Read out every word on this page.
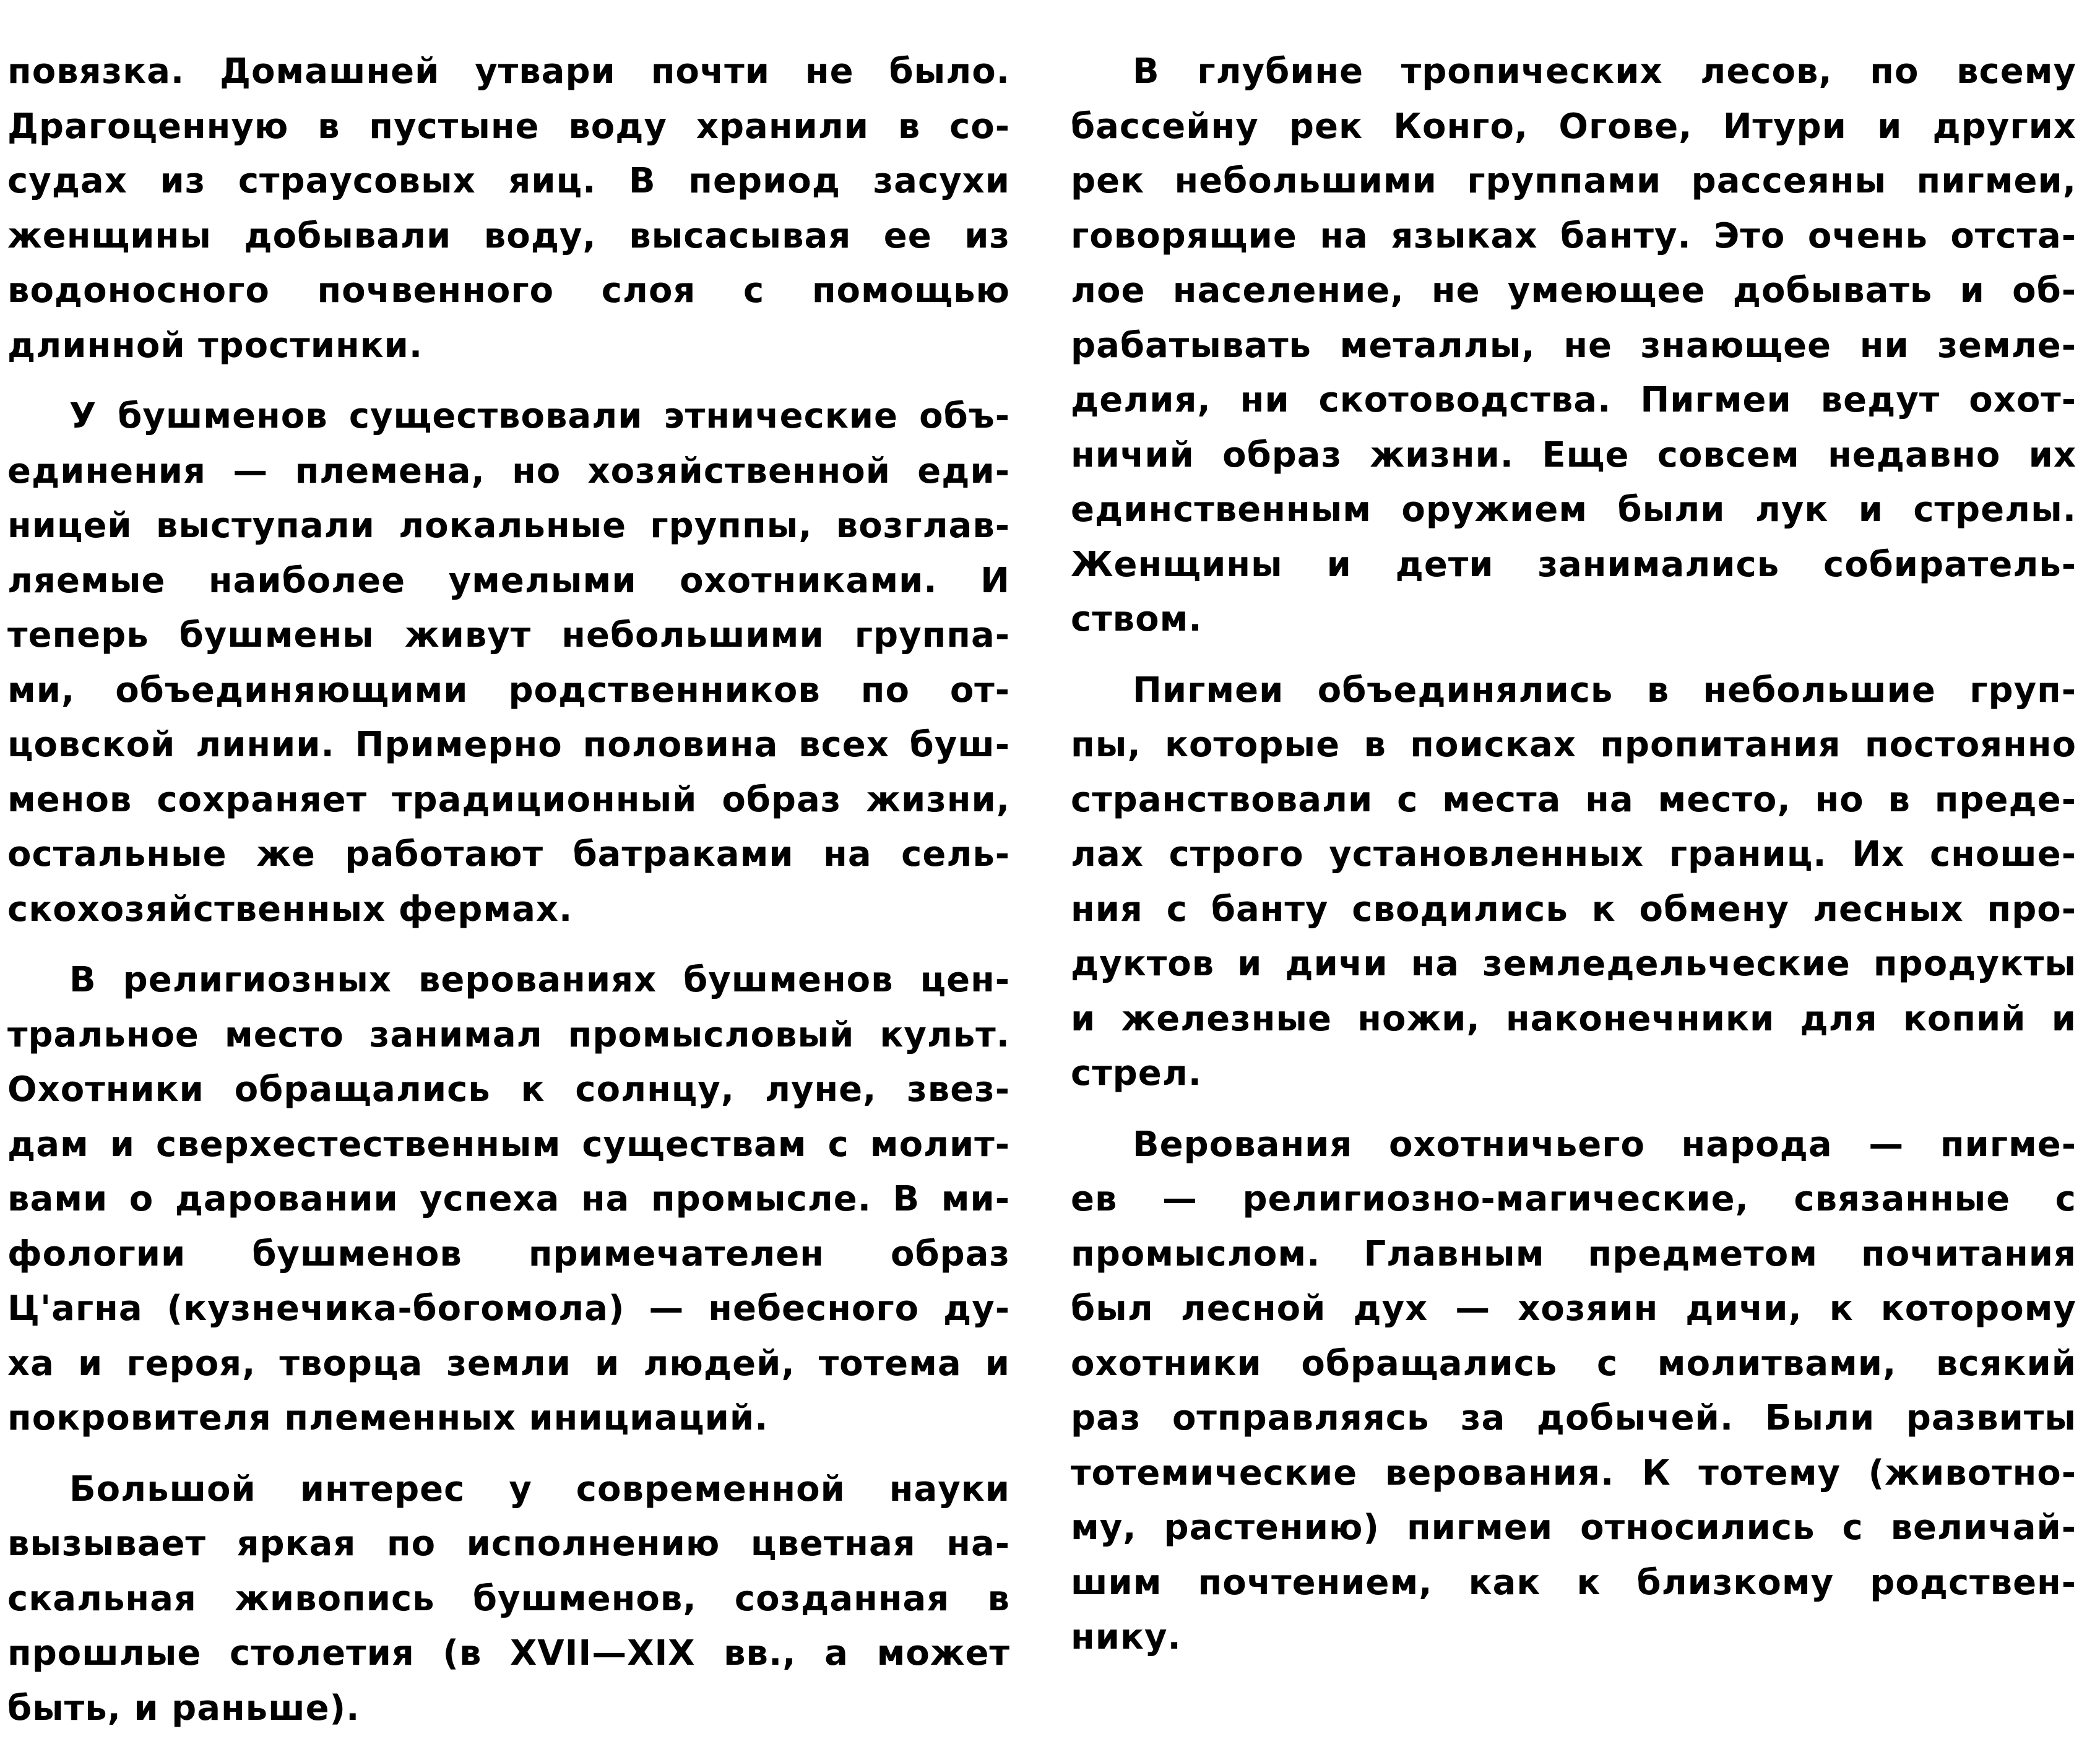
повязка. Домашней утвари почти не было.
Драгоценную в пустыне воду хранили в со-
судах из страусовых яиц. В период засухи
женщины добывали воду, высасывая ее из
водоносного почвенного слоя с помощью
длинной тростинки.
У бушменов существовали этнические объ-
единения — племена, но хозяйственной еди-
ницей выступали локальные группы, возглав-
ляемые наиболее умелыми охотниками. И
теперь бушмены живут небольшими группа-
ми, объединяющими родственников по от-
цовской линии. Примерно половина всех буш-
менов сохраняет традиционный образ жизни,
остальные же работают батраками на сель-
скохозяйственных фермах.
В религиозных верованиях бушменов цен-
тральное место занимал промысловый культ.
Охотники обращались к солнцу, луне, звез-
дам и сверхестественным существам с молит-
вами о даровании успеха на промысле. В ми-
фологии бушменов примечателен образ
Ц'агна (кузнечика-богомола) — небесного ду-
ха и героя, творца земли и людей, тотема и
покровителя племенных инициаций.
Большой интерес у современной науки
вызывает яркая по исполнению цветная на-
скальная живопись бушменов, созданная в
прошлые столетия (в XVII—XIX вв., а может
быть, и раньше).
В глубине тропических лесов, по всему
бассейну рек Конго, Огове, Итури и других
рек небольшими группами рассеяны пигмеи,
говорящие на языках банту. Это очень отста-
лое население, не умеющее добывать и об-
рабатывать металлы, не знающее ни земле-
делия, ни скотоводства. Пигмеи ведут охот-
ничий образ жизни. Еще совсем недавно их
единственным оружием были лук и стрелы.
Женщины и дети занимались собиратель-
ством.
Пигмеи объединялись в небольшие груп-
пы, которые в поисках пропитания постоянно
странствовали с места на место, но в преде-
лах строго установленных границ. Их сноше-
ния с банту сводились к обмену лесных про-
дуктов и дичи на земледельческие продукты
и железные ножи, наконечники для копий и
стрел.
Верования охотничьего народа — пигме-
ев — религиозно-магические, связанные с
промыслом. Главным предметом почитания
был лесной дух — хозяин дичи, к которому
охотники обращались с молитвами, всякий
раз отправляясь за добычей. Были развиты
тотемические верования. К тотему (животно-
му, растению) пигмеи относились с величай-
шим почтением, как к близкому родствен-
нику.
